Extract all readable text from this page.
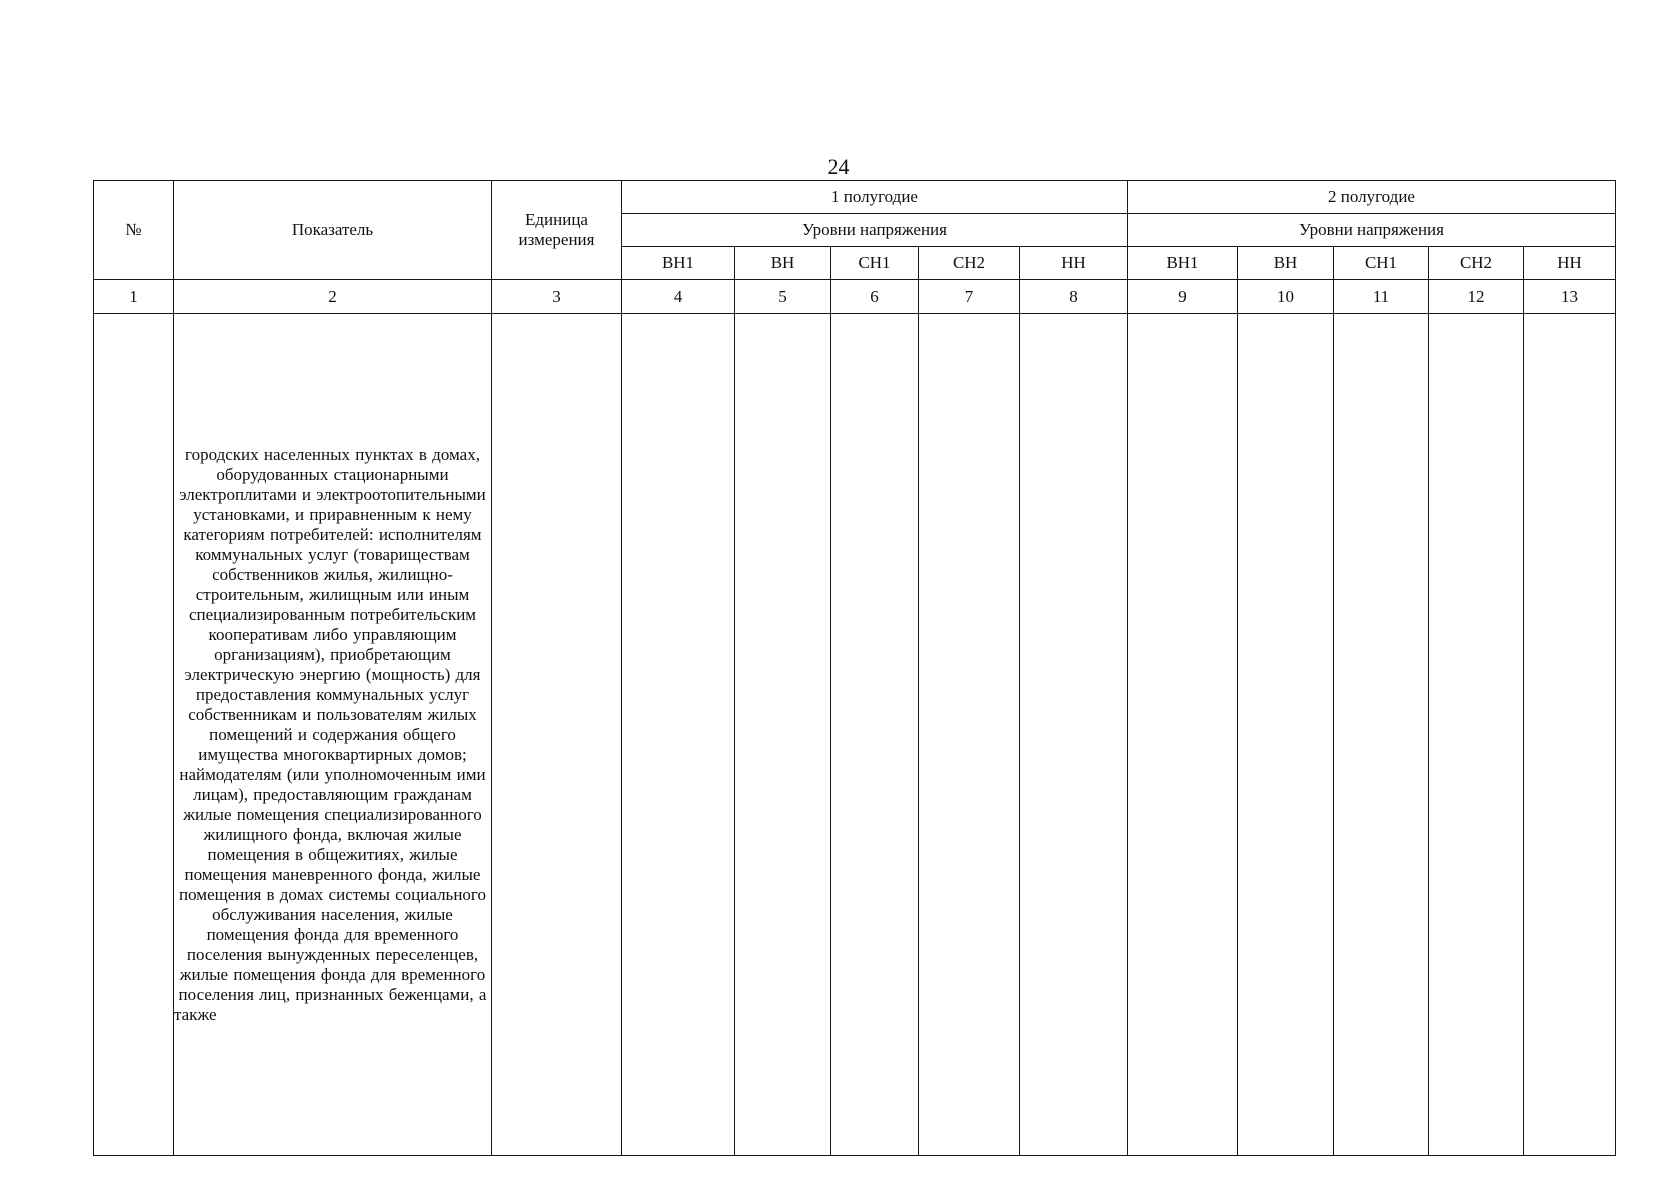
24
№	Показатель	Единица измерения	1 полугодие					2 полугодие				
			Уровни напряжения					Уровни напряжения				
			ВН1	ВН	СН1	СН2	НН	ВН1	ВН	СН1	СН2	НН
1	2	3	4	5	6	7	8	9	10	11	12	13
	городских населенных пунктах в домах, оборудованных стационарными электроплитами и электроотопительными установками, и приравненным к нему категориям потребителей: исполнителям коммунальных услуг (товариществам собственников жилья, жилищно-строительным, жилищным или иным специализированным потребительским кооперативам либо управляющим организациям), приобретающим электрическую энергию (мощность) для предоставления коммунальных услуг собственникам и пользователям жилых помещений и содержания общего имущества многоквартирных домов; наймодателям (или уполномоченным ими лицам), предоставляющим гражданам жилые помещения специализированного жилищного фонда, включая жилые помещения в общежитиях, жилые помещения маневренного фонда, жилые помещения в домах системы социального обслуживания населения, жилые помещения фонда для временного поселения вынужденных переселенцев, жилые помещения фонда для временного поселения лиц, признанных беженцами, а также											
